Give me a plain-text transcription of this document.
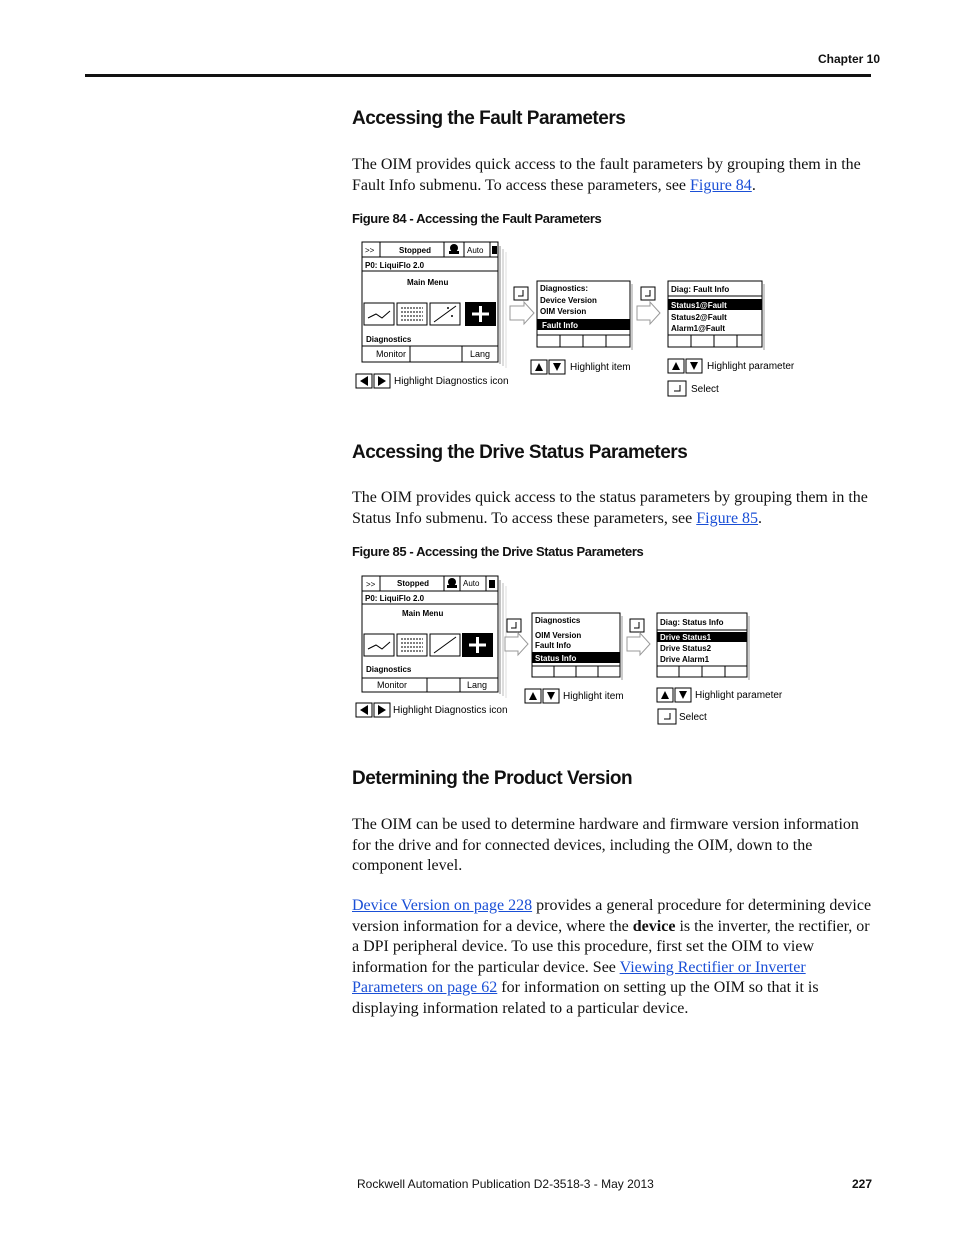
Chapter 10
Accessing the Fault Parameters

The OIM provides quick access to the fault parameters by grouping them in the Fault Info submenu. To access these parameters, see Figure 84.

Figure 84 - Accessing the Fault Parameters
>>	Stopped	Auto
P0: LiquiFlo 2.0
Main Menu
Diagnostics
Monitor	Lang
Highlight Diagnostics icon
Diagnostics:
Device Version
OIM Version
Fault Info
Highlight item
Diag: Fault Info
Status1@Fault
Status2@Fault
Alarm1@Fault
Highlight parameter
Select
Accessing the Drive Status Parameters

The OIM provides quick access to the status parameters by grouping them in the Status Info submenu. To access these parameters, see Figure 85.

Figure 85 - Accessing the Drive Status Parameters
>>	Stopped	Auto
P0: LiquiFlo 2.0
Main Menu
Diagnostics
Monitor	Lang
Highlight Diagnostics icon
Diagnostics
OIM Version
Fault Info
Status Info
Highlight item
Diag: Status Info
Drive Status1
Drive Status2
Drive Alarm1
Highlight parameter
Select
Determining the Product Version

The OIM can be used to determine hardware and firmware version information for the drive and for connected devices, including the OIM, down to the component level.

Device Version on page 228 provides a general procedure for determining device version information for a device, where the device is the inverter, the rectifier, or a DPI peripheral device. To use this procedure, first set the OIM to view information for the particular device. See Viewing Rectifier or Inverter Parameters on page 62 for information on setting up the OIM so that it is displaying information related to a particular device.

Rockwell Automation Publication D2-3518-3 - May 2013	227
